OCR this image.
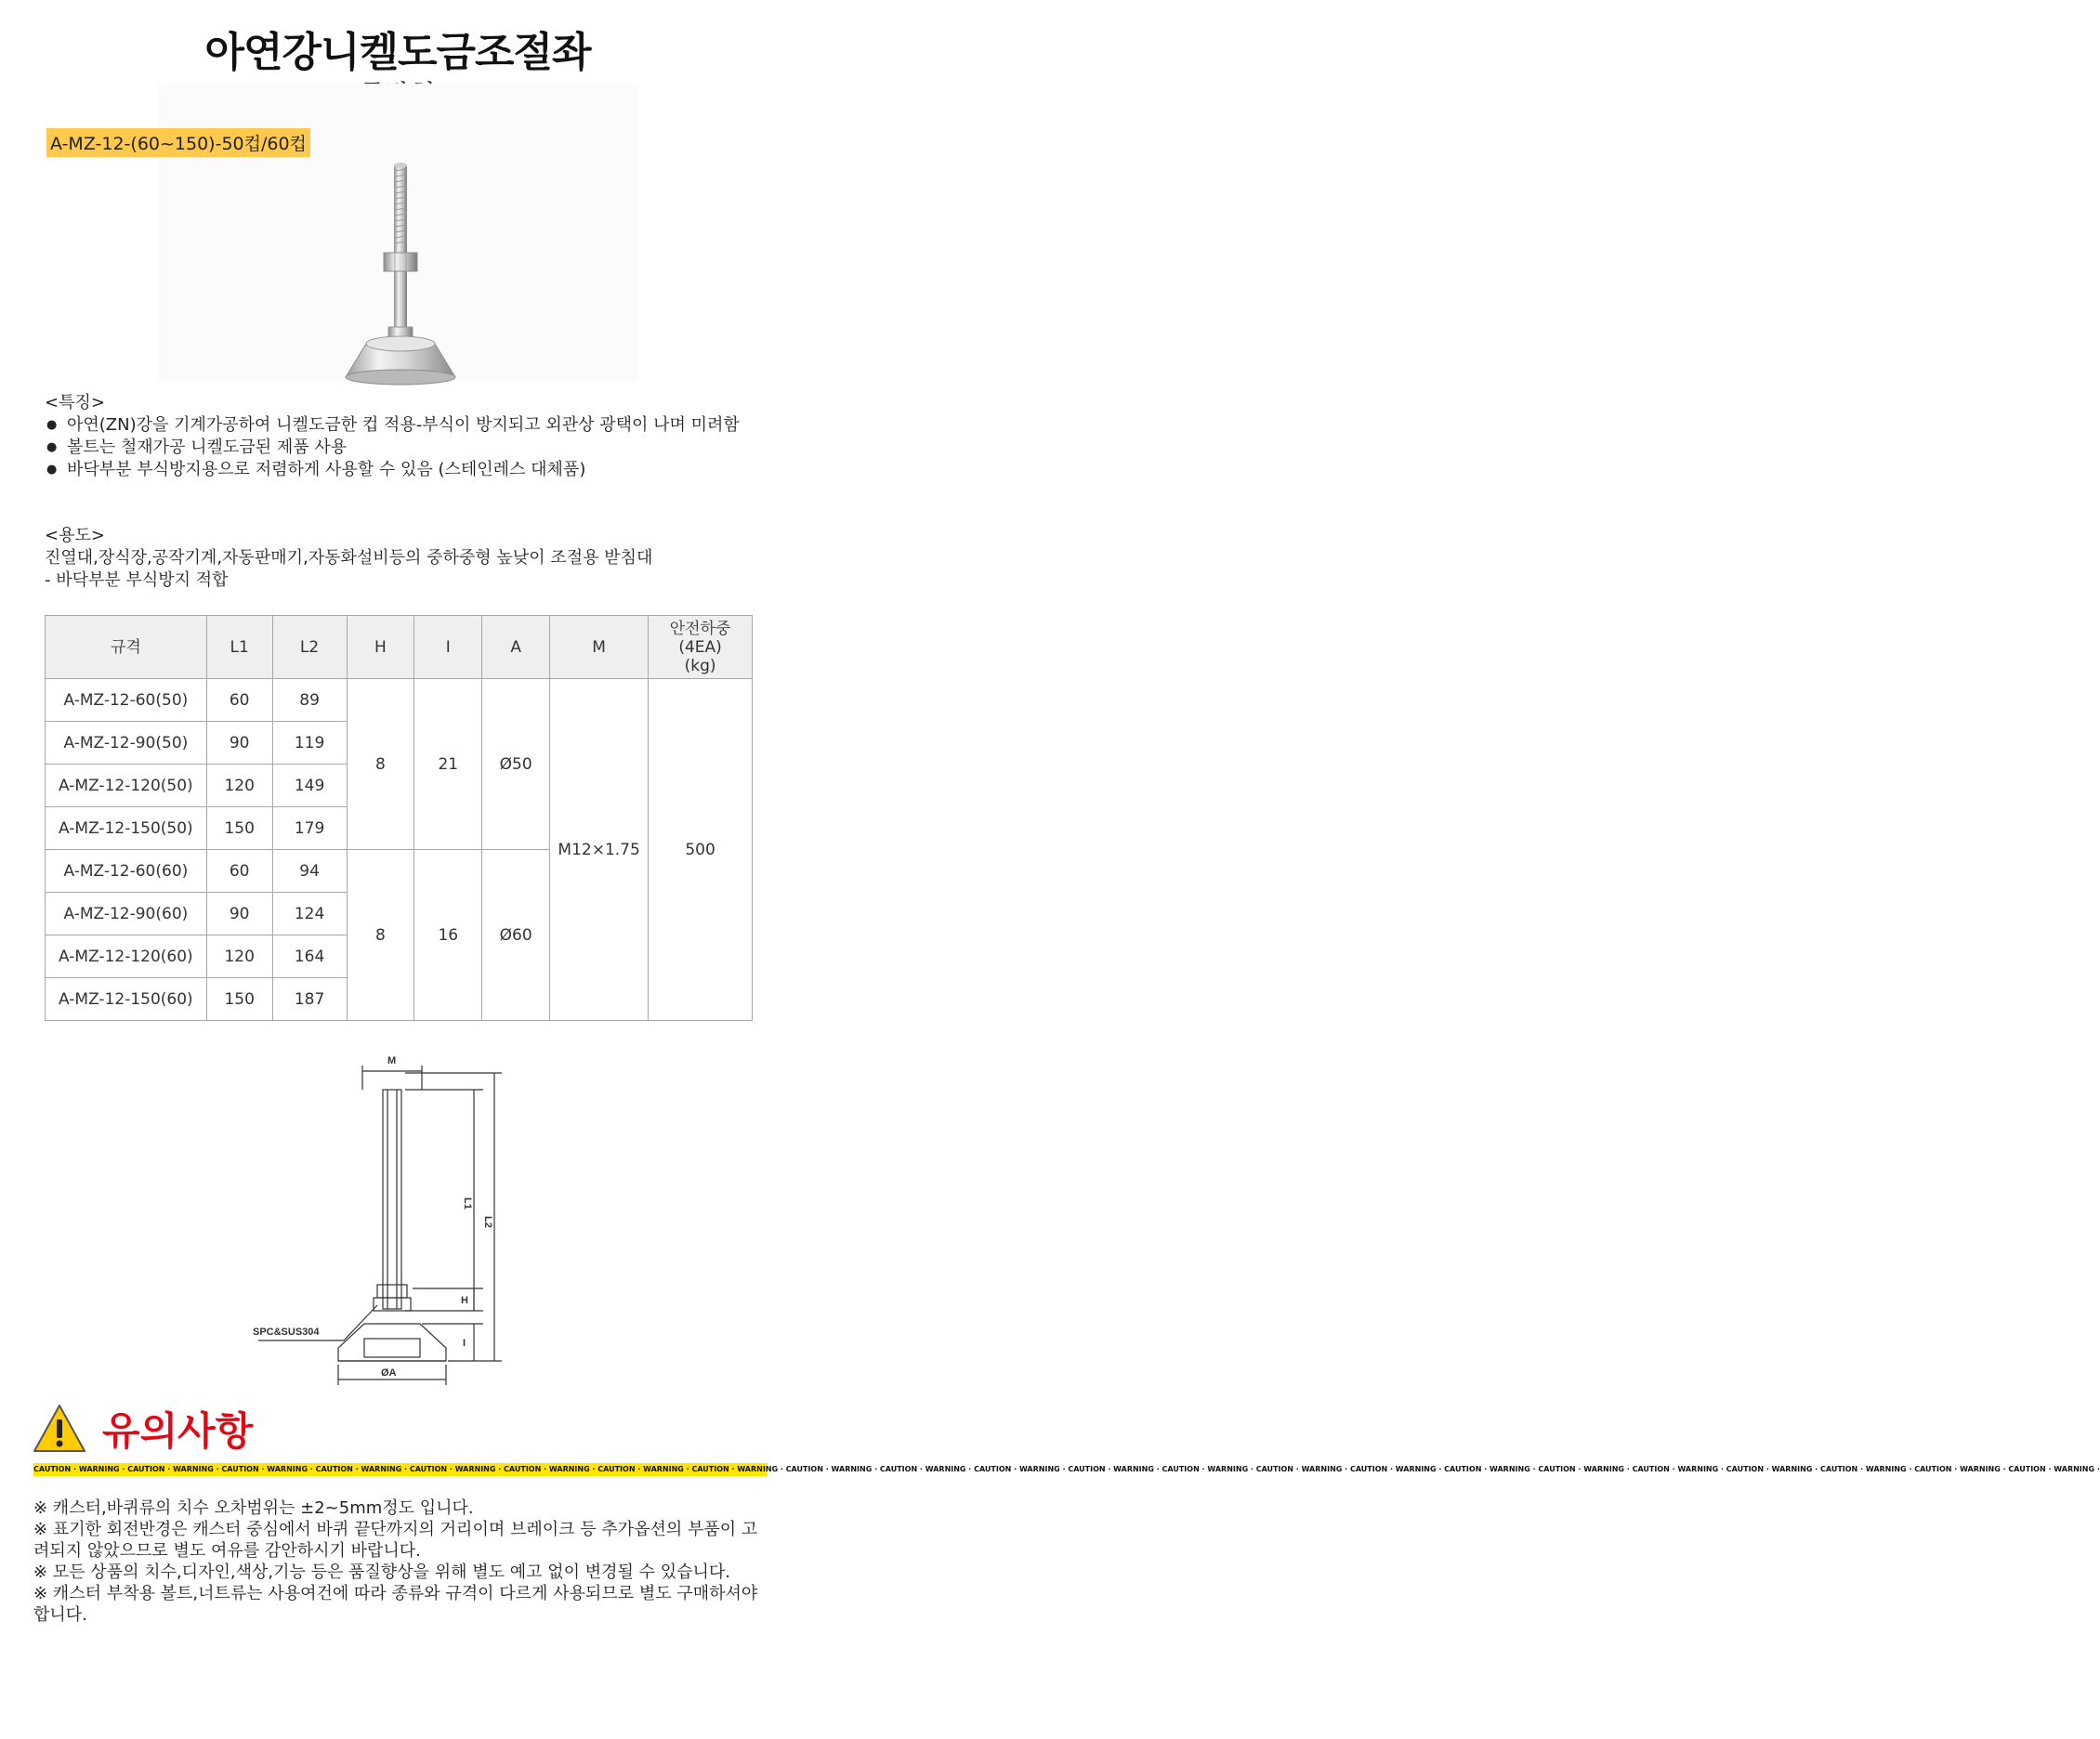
아연강니켈도금조절좌
A-MZ-12-(60~150)-50컵/60컵
<특징>
● 아연(ZN)강을 기계가공하여 니켈도금한 컵 적용-부식이 방지되고 외관상 광택이 나며 미려함
● 볼트는 철재가공 니켈도금된 제품 사용
● 바닥부분 부식방지용으로 저렴하게 사용할 수 있음 (스테인레스 대체품)
<용도>
진열대,장식장,공작기계,자동판매기,자동화설비등의 중하중형 높낮이 조절용 받침대
- 바닥부분 부식방지 적합
규격	L1	L2	H	I	A	M	안전하중
(4EA)
(kg)
A-MZ-12-60(50)	60	89	8	21	Ø50	M12×1.75	500
A-MZ-12-90(50)	90	119					
A-MZ-12-120(50)	120	149					
A-MZ-12-150(50)	150	179					
A-MZ-12-60(60)	60	94	8	16	Ø60		
A-MZ-12-90(60)	90	124					
A-MZ-12-120(60)	120	164					
A-MZ-12-150(60)	150	187					
M
L1
L2
H
I
ØA
SPC&SUS304
유의사항
CAUTION · WARNING · CAUTION · WARNING · CAUTION · WARNING · CAUTION · WARNING · CAUTION · WARNING · CAUTION · WARNING · CAUTION · WARNING · CAUTION · WARNING · CAUTION · WARNING · CAUTION · WARNING · CAUTION · WARNING · CAUTION · WARNING · CAUTION · WARNING · CAUTION · WARNING · CAUTION · WARNING · CAUTION · WARNING · CAUTION · WARNING · CAUTION · WARNING · CAUTION · WARNING · CAUTION · WARNING · CAUTION · WARNING · CAUTION · WARNING ·

※ 캐스터,바퀴류의 치수 오차범위는 ±2~5mm정도 입니다.

※ 표기한 회전반경은 캐스터 중심에서 바퀴 끝단까지의 거리이며 브레이크 등 추가옵션의 부품이 고려되지 않았으므로 별도 여유를 감안하시기 바랍니다.

※ 모든 상품의 치수,디자인,색상,기능 등은 품질향상을 위해 별도 예고 없이 변경될 수 있습니다.

※ 캐스터 부착용 볼트,너트류는 사용여건에 따라 종류와 규격이 다르게 사용되므로 별도 구매하셔야 합니다.
